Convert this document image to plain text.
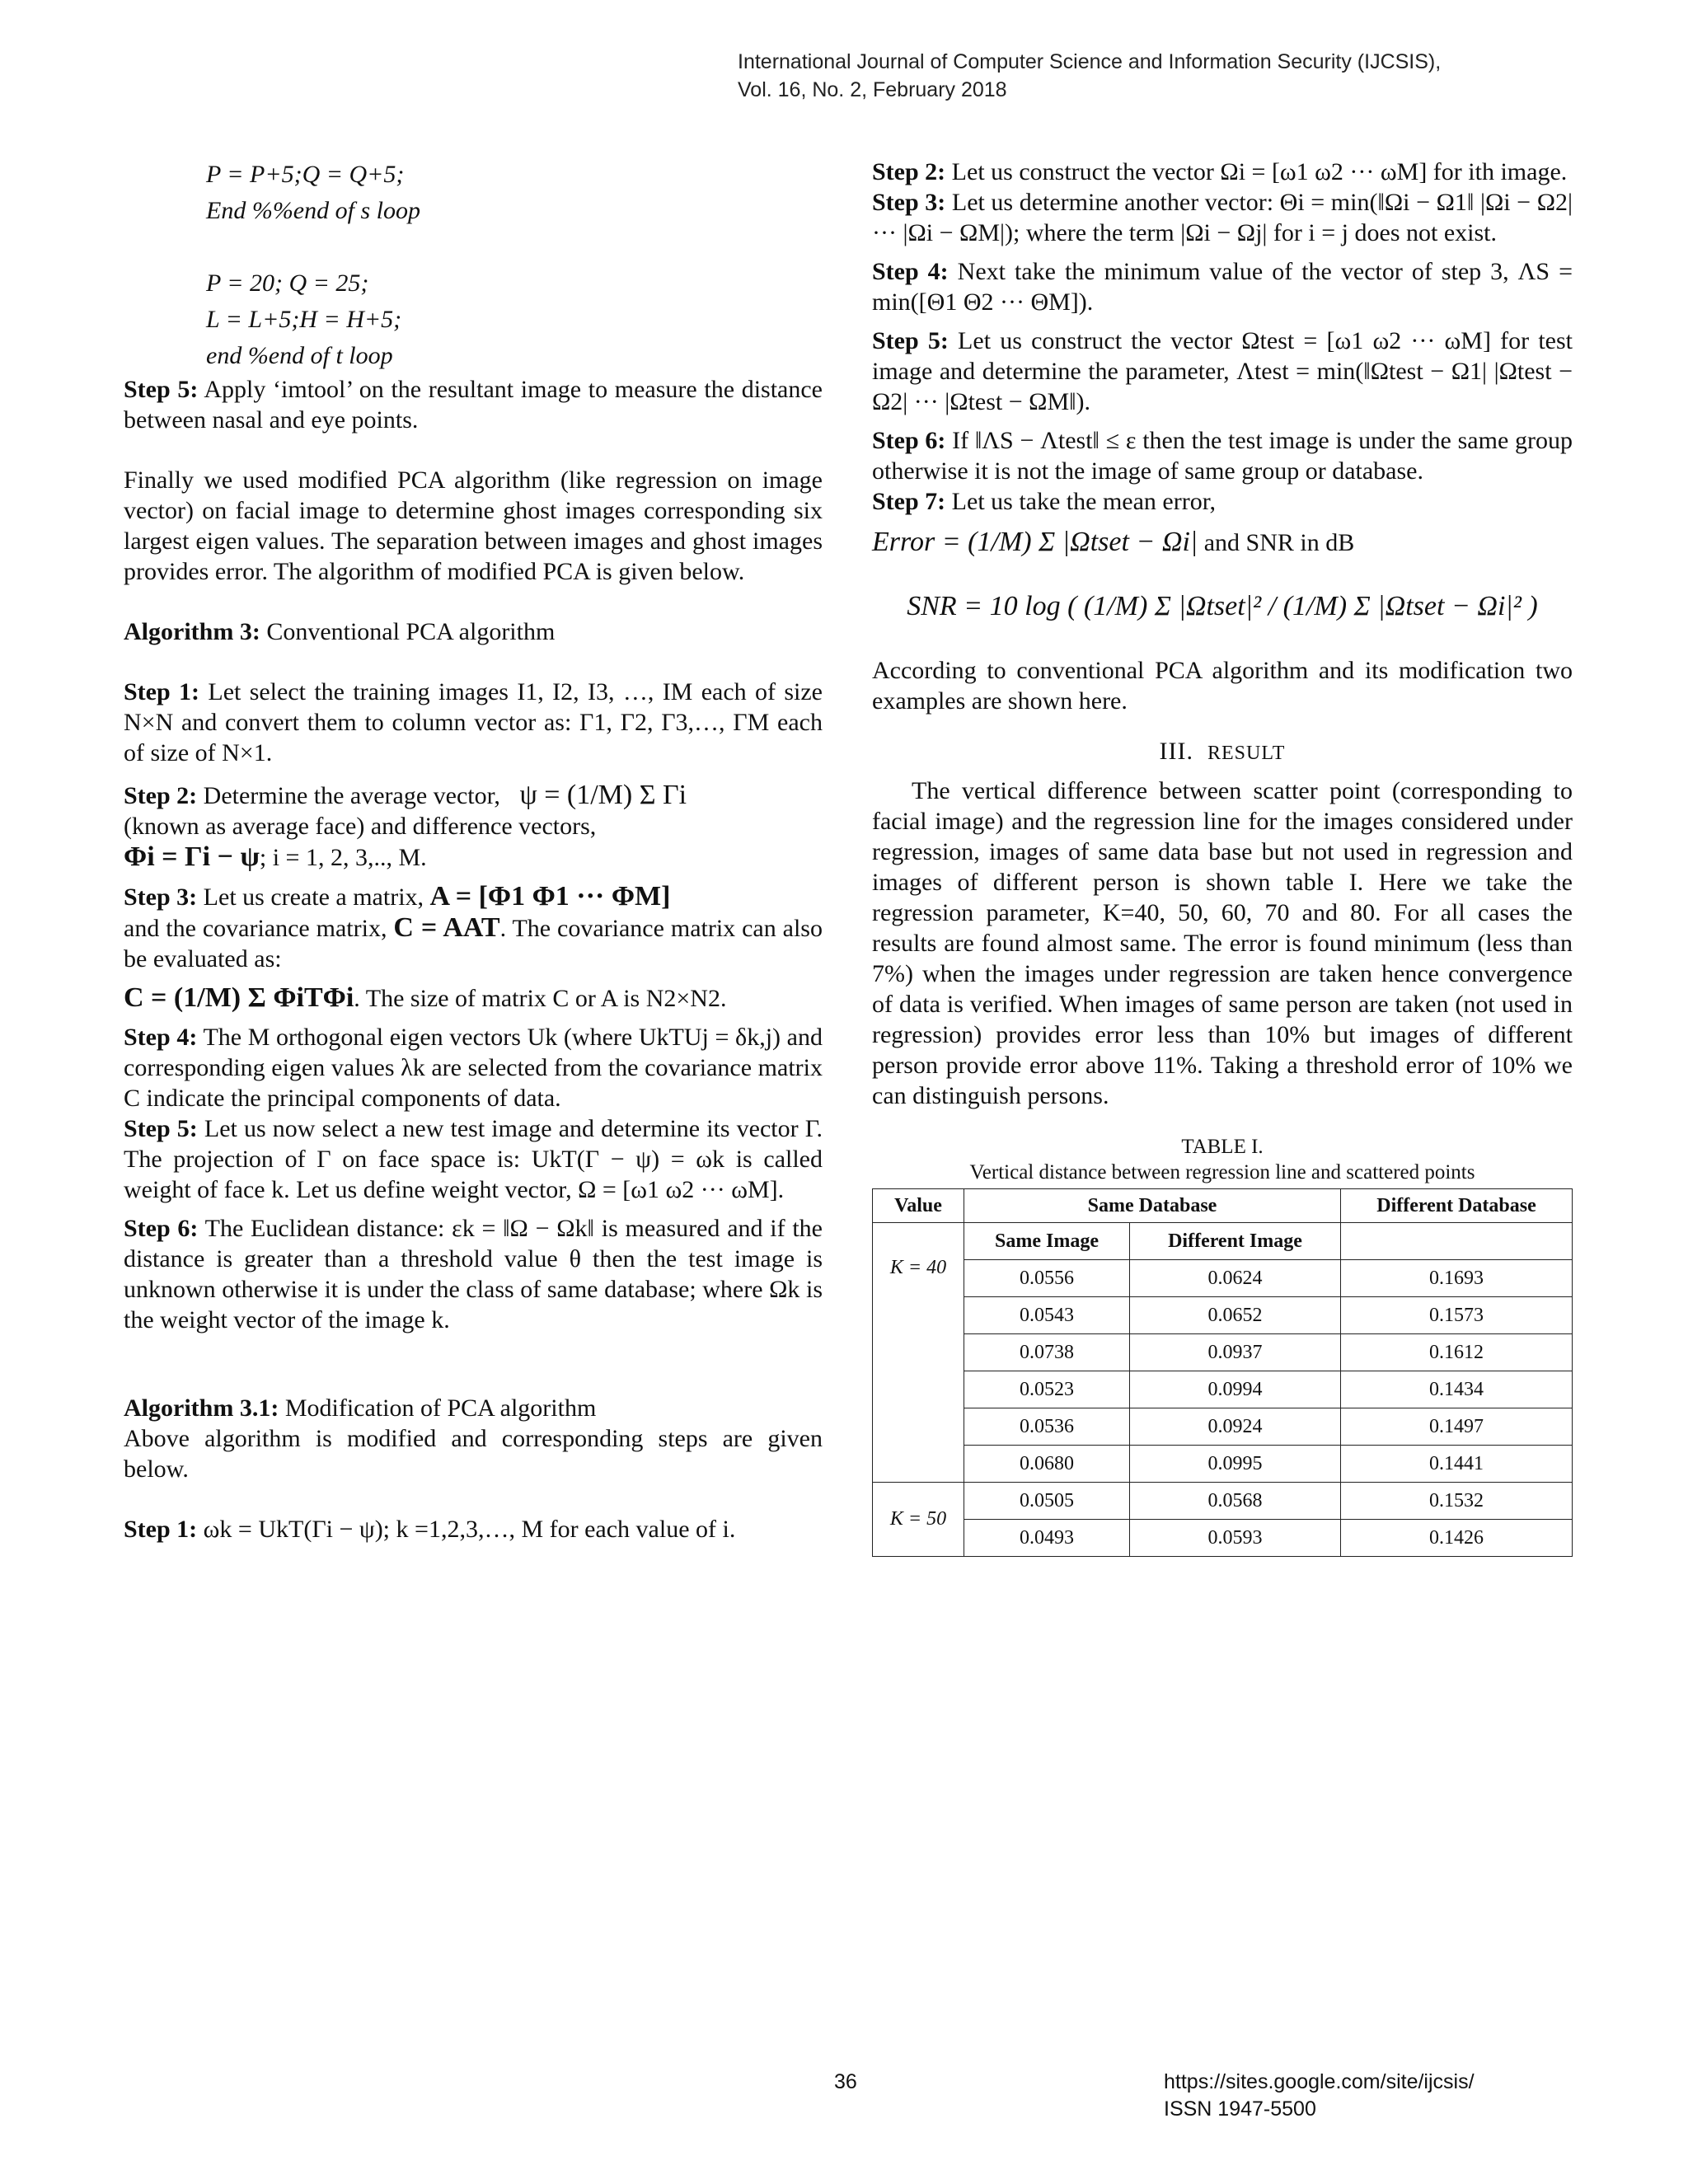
International Journal of Computer Science and Information Security (IJCSIS),
Vol. 16, No. 2, February 2018
P = P+5;Q = Q+5;
End %%end of s loop
P = 20; Q = 25;
L = L+5;H = H+5;
end %end of t loop
Step 5: Apply ‘imtool’ on the resultant image to measure the distance between nasal and eye points.
Finally we used modified PCA algorithm (like regression on image vector) on facial image to determine ghost images corresponding six largest eigen values. The separation between images and ghost images provides error. The algorithm of modified PCA is given below.
Algorithm 3: Conventional PCA algorithm
Step 1: Let select the training images I1, I2, I3, …, IM each of size N×N and convert them to column vector as: Γ1, Γ2, Γ3,…, ΓM each of size of N×1.
Step 2: Determine the average vector, ψ = (1/M) Σ Γi
(known as average face) and difference vectors,
Φi = Γi − ψ; i = 1, 2, 3,.., M.
Step 3: Let us create a matrix, A = [Φ1 Φ1 ··· ΦM]
and the covariance matrix, C = AAT. The covariance matrix can also be evaluated as:
C = (1/M) Σ ΦiTΦi. The size of matrix C or A is N2×N2.
Step 4: The M orthogonal eigen vectors Uk (where UkTUj = δk,j) and corresponding eigen values λk are selected from the covariance matrix C indicate the principal components of data.
Step 5: Let us now select a new test image and determine its vector Γ. The projection of Γ on face space is: UkT(Γ − ψ) = ωk is called weight of face k. Let us define weight vector, Ω = [ω1 ω2 ··· ωM].
Step 6: The Euclidean distance: εk = ‖Ω − Ωk‖ is measured and if the distance is greater than a threshold value θ then the test image is unknown otherwise it is under the class of same database; where Ωk is the weight vector of the image k.
Algorithm 3.1: Modification of PCA algorithm
Above algorithm is modified and corresponding steps are given below.
Step 1: ωk = UkT(Γi − ψ); k =1,2,3,…, M for each value of i.
Step 2: Let us construct the vector Ωi = [ω1 ω2 ··· ωM] for ith image.
Step 3: Let us determine another vector: Θi = min(‖Ωi − Ω1‖ |Ωi − Ω2| ··· |Ωi − ΩM|); where the term |Ωi − Ωj| for i = j does not exist.
Step 4: Next take the minimum value of the vector of step 3, ΛS = min([Θ1 Θ2 ··· ΘM]).
Step 5: Let us construct the vector Ωtest = [ω1 ω2 ··· ωM] for test image and determine the parameter, Λtest = min(‖Ωtest − Ω1| |Ωtest − Ω2| ··· |Ωtest − ΩM‖).
Step 6: If ‖ΛS − Λtest‖ ≤ ε then the test image is under the same group otherwise it is not the image of same group or database.
Step 7: Let us take the mean error,
Error = (1/M) Σ |Ωtset − Ωi| and SNR in dB
SNR = 10 log ( (1/M) Σ |Ωtset|² / (1/M) Σ |Ωtset − Ωi|² )
According to conventional PCA algorithm and its modification two examples are shown here.
III. RESULT
The vertical difference between scatter point (corresponding to facial image) and the regression line for the images considered under regression, images of same data base but not used in regression and images of different person is shown table I. Here we take the regression parameter, K=40, 50, 60, 70 and 80. For all cases the results are found almost same. The error is found minimum (less than 7%) when the images under regression are taken hence convergence of data is verified. When images of same person are taken (not used in regression) provides error less than 10% but images of different person provide error above 11%. Taking a threshold error of 10% we can distinguish persons.
TABLE I.
Vertical distance between regression line and scattered points
Value	Same Database		Different Database
K = 40	Same Image	Different Image	
	0.0556	0.0624	0.1693
	0.0543	0.0652	0.1573
	0.0738	0.0937	0.1612
	0.0523	0.0994	0.1434
	0.0536	0.0924	0.1497
	0.0680	0.0995	0.1441
K = 50	0.0505	0.0568	0.1532
	0.0493	0.0593	0.1426
36	https://sites.google.com/site/ijcsis/
ISSN 1947-5500
